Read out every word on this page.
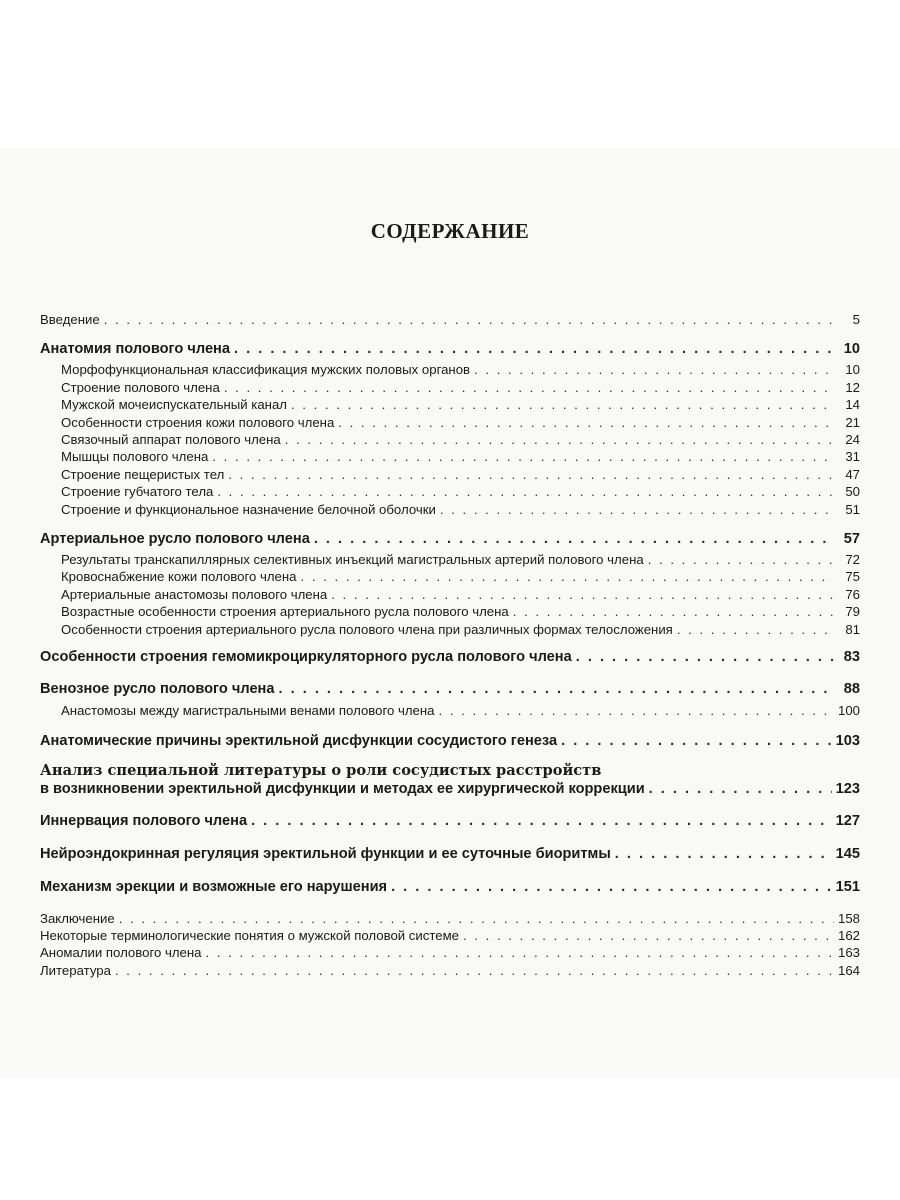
СОДЕРЖАНИЕ
Введение . . .	5
Анатомия полового члена . . .	10
Морфофункциональная классификация мужских половых органов . . .	10
Строение полового члена . . .	12
Мужской мочеиспускательный канал . . .	14
Особенности строения кожи полового члена . . .	21
Связочный аппарат полового члена . . .	24
Мышцы полового члена . . .	31
Строение пещеристых тел . . .	47
Строение губчатого тела . . .	50
Строение и функциональное назначение белочной оболочки . . .	51
Артериальное русло полового члена . . .	57
Результаты транскапиллярных селективных инъекций магистральных артерий полового члена . . .	72
Кровоснабжение кожи полового члена . . .	75
Артериальные анастомозы полового члена . . .	76
Возрастные особенности строения артериального русла полового члена . . .	79
Особенности строения артериального русла полового члена при различных формах телосложения . . .	81
Особенности строения гемомикроциркуляторного русла полового члена . . .	83
Венозное русло полового члена . . .	88
Анастомозы между магистральными венами полового члена . . .	100
Анатомические причины эректильной дисфункции сосудистого генеза . . .	103
Анализ специальной литературы о роли сосудистых расстройств
в возникновении эректильной дисфункции и методах ее хирургической коррекции . . .	123
Иннервация полового члена . . .	127
Нейроэндокринная регуляция эректильной функции и ее суточные биоритмы . . .	145
Механизм эрекции и возможные его нарушения . . .	151
Заключение . . .	158
Некоторые терминологические понятия о мужской половой системе . . .	162
Аномалии полового члена . . .	163
Литература . . .	164
